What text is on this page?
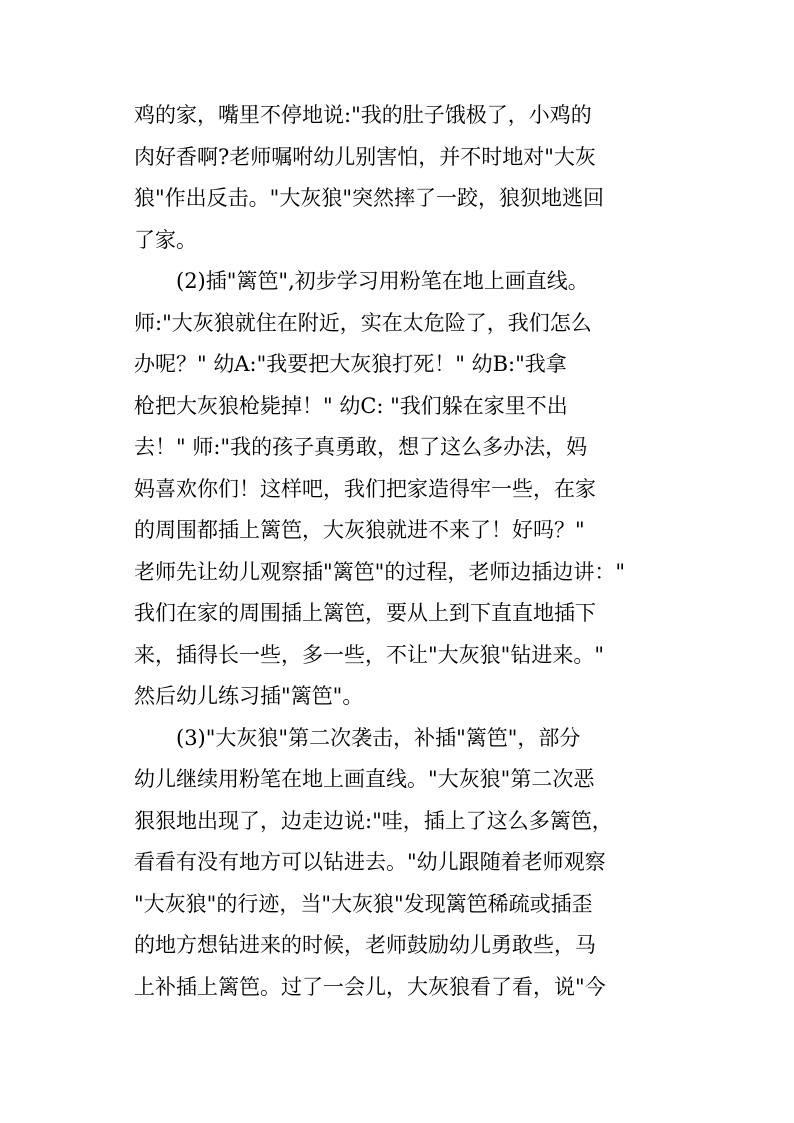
鸡的家，嘴里不停地说:"我的肚子饿极了，小鸡的
肉好香啊?老师嘱咐幼儿别害怕，并不时地对"大灰
狼"作出反击。"大灰狼"突然摔了一跤，狼狈地逃回
了家。
(2)插"篱笆",初步学习用粉笔在地上画直线。
师:"大灰狼就住在附近，实在太危险了，我们怎么
办呢？" 幼A:"我要把大灰狼打死！" 幼B:"我拿
枪把大灰狼枪毙掉！" 幼C: "我们躲在家里不出
去！" 师:"我的孩子真勇敢，想了这么多办法，妈
妈喜欢你们！这样吧，我们把家造得牢一些，在家
的周围都插上篱笆，大灰狼就进不来了！好吗？"
老师先让幼儿观察插"篱笆"的过程，老师边插边讲："
我们在家的周围插上篱笆，要从上到下直直地插下
来，插得长一些，多一些，不让"大灰狼"钻进来。"
然后幼儿练习插"篱笆"。
(3)"大灰狼"第二次袭击，补插"篱笆"，部分
幼儿继续用粉笔在地上画直线。"大灰狼"第二次恶
狠狠地出现了，边走边说:"哇，插上了这么多篱笆，
看看有没有地方可以钻进去。"幼儿跟随着老师观察
"大灰狼"的行迹，当"大灰狼"发现篱笆稀疏或插歪
的地方想钻进来的时候，老师鼓励幼儿勇敢些，马
上补插上篱笆。过了一会儿，大灰狼看了看，说"今
